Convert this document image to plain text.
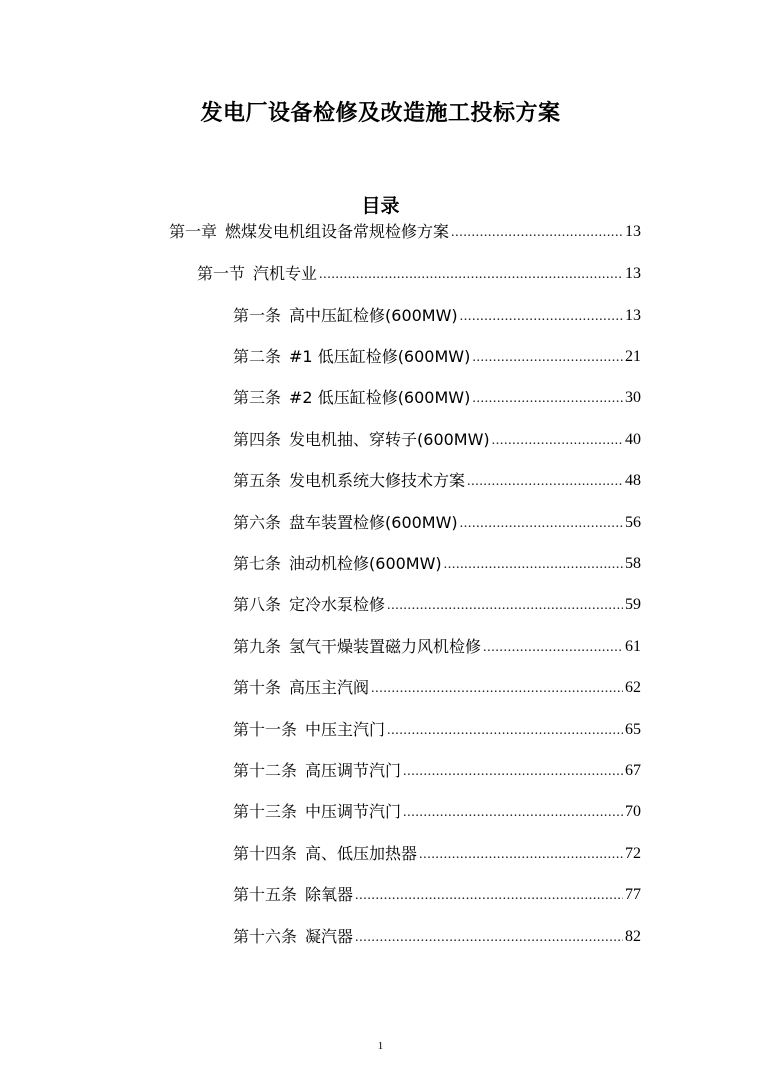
发电厂设备检修及改造施工投标方案
目录
第一章 燃煤发电机组设备常规检修方案 .....	13
第一节 汽机专业 .....	13
第一条 高中压缸检修(600MW) .....	13
第二条 #1 低压缸检修(600MW) .....	21
第三条 #2 低压缸检修(600MW) .....	30
第四条 发电机抽、穿转子(600MW) .....	40
第五条 发电机系统大修技术方案 .....	48
第六条 盘车装置检修(600MW) .....	56
第七条 油动机检修(600MW) .....	58
第八条 定冷水泵检修 .....	59
第九条 氢气干燥装置磁力风机检修 .....	61
第十条 高压主汽阀 .....	62
第十一条 中压主汽门 .....	65
第十二条 高压调节汽门 .....	67
第十三条 中压调节汽门 .....	70
第十四条 高、低压加热器 .....	72
第十五条 除氧器 .....	77
第十六条 凝汽器 .....	82
1
